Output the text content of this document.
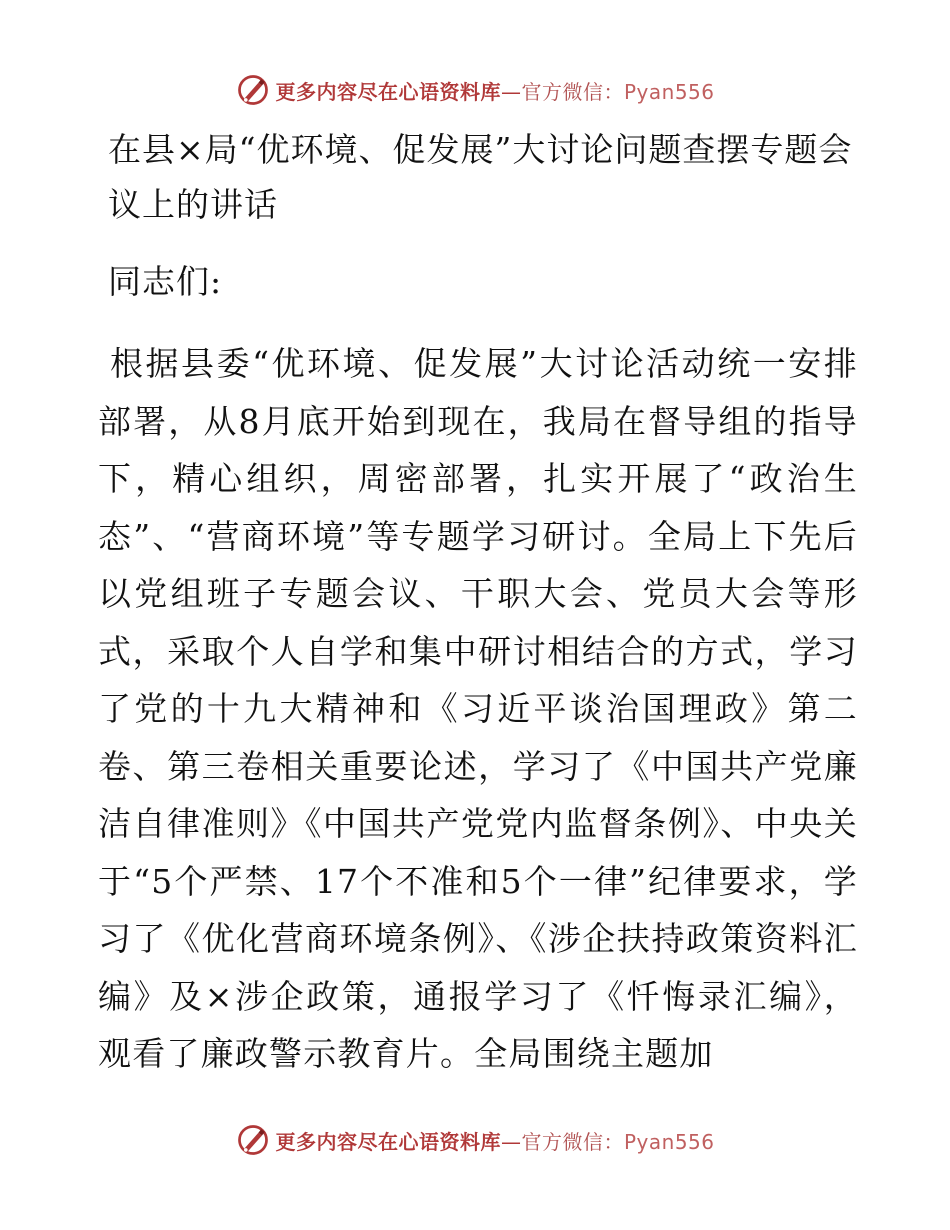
更多内容尽在心语资料库—官方微信：Pyan556
在县×局“优环境、促发展”大讨论问题查摆专题会议上的讲话

同志们:

根据县委“优环境、促发展”大讨论活动统一安排部署，从8月底开始到现在，我局在督导组的指导下，精心组织，周密部署，扎实开展了“政治生态”、“营商环境”等专题学习研讨。全局上下先后以党组班子专题会议、干职大会、党员大会等形式，采取个人自学和集中研讨相结合的方式，学习了党的十九大精神和《习近平谈治国理政》第二卷、第三卷相关重要论述，学习了《中国共产党廉洁自律准则》《中国共产党党内监督条例》、中央关于“5个严禁、17个不准和5个一律”纪律要求，学习了《优化营商环境条例》、《涉企扶持政策资料汇编》及×涉企政策，通报学习了《忏悔录汇编》，观看了廉政警示教育片。全局围绕主题加

更多内容尽在心语资料库—官方微信：Pyan556
